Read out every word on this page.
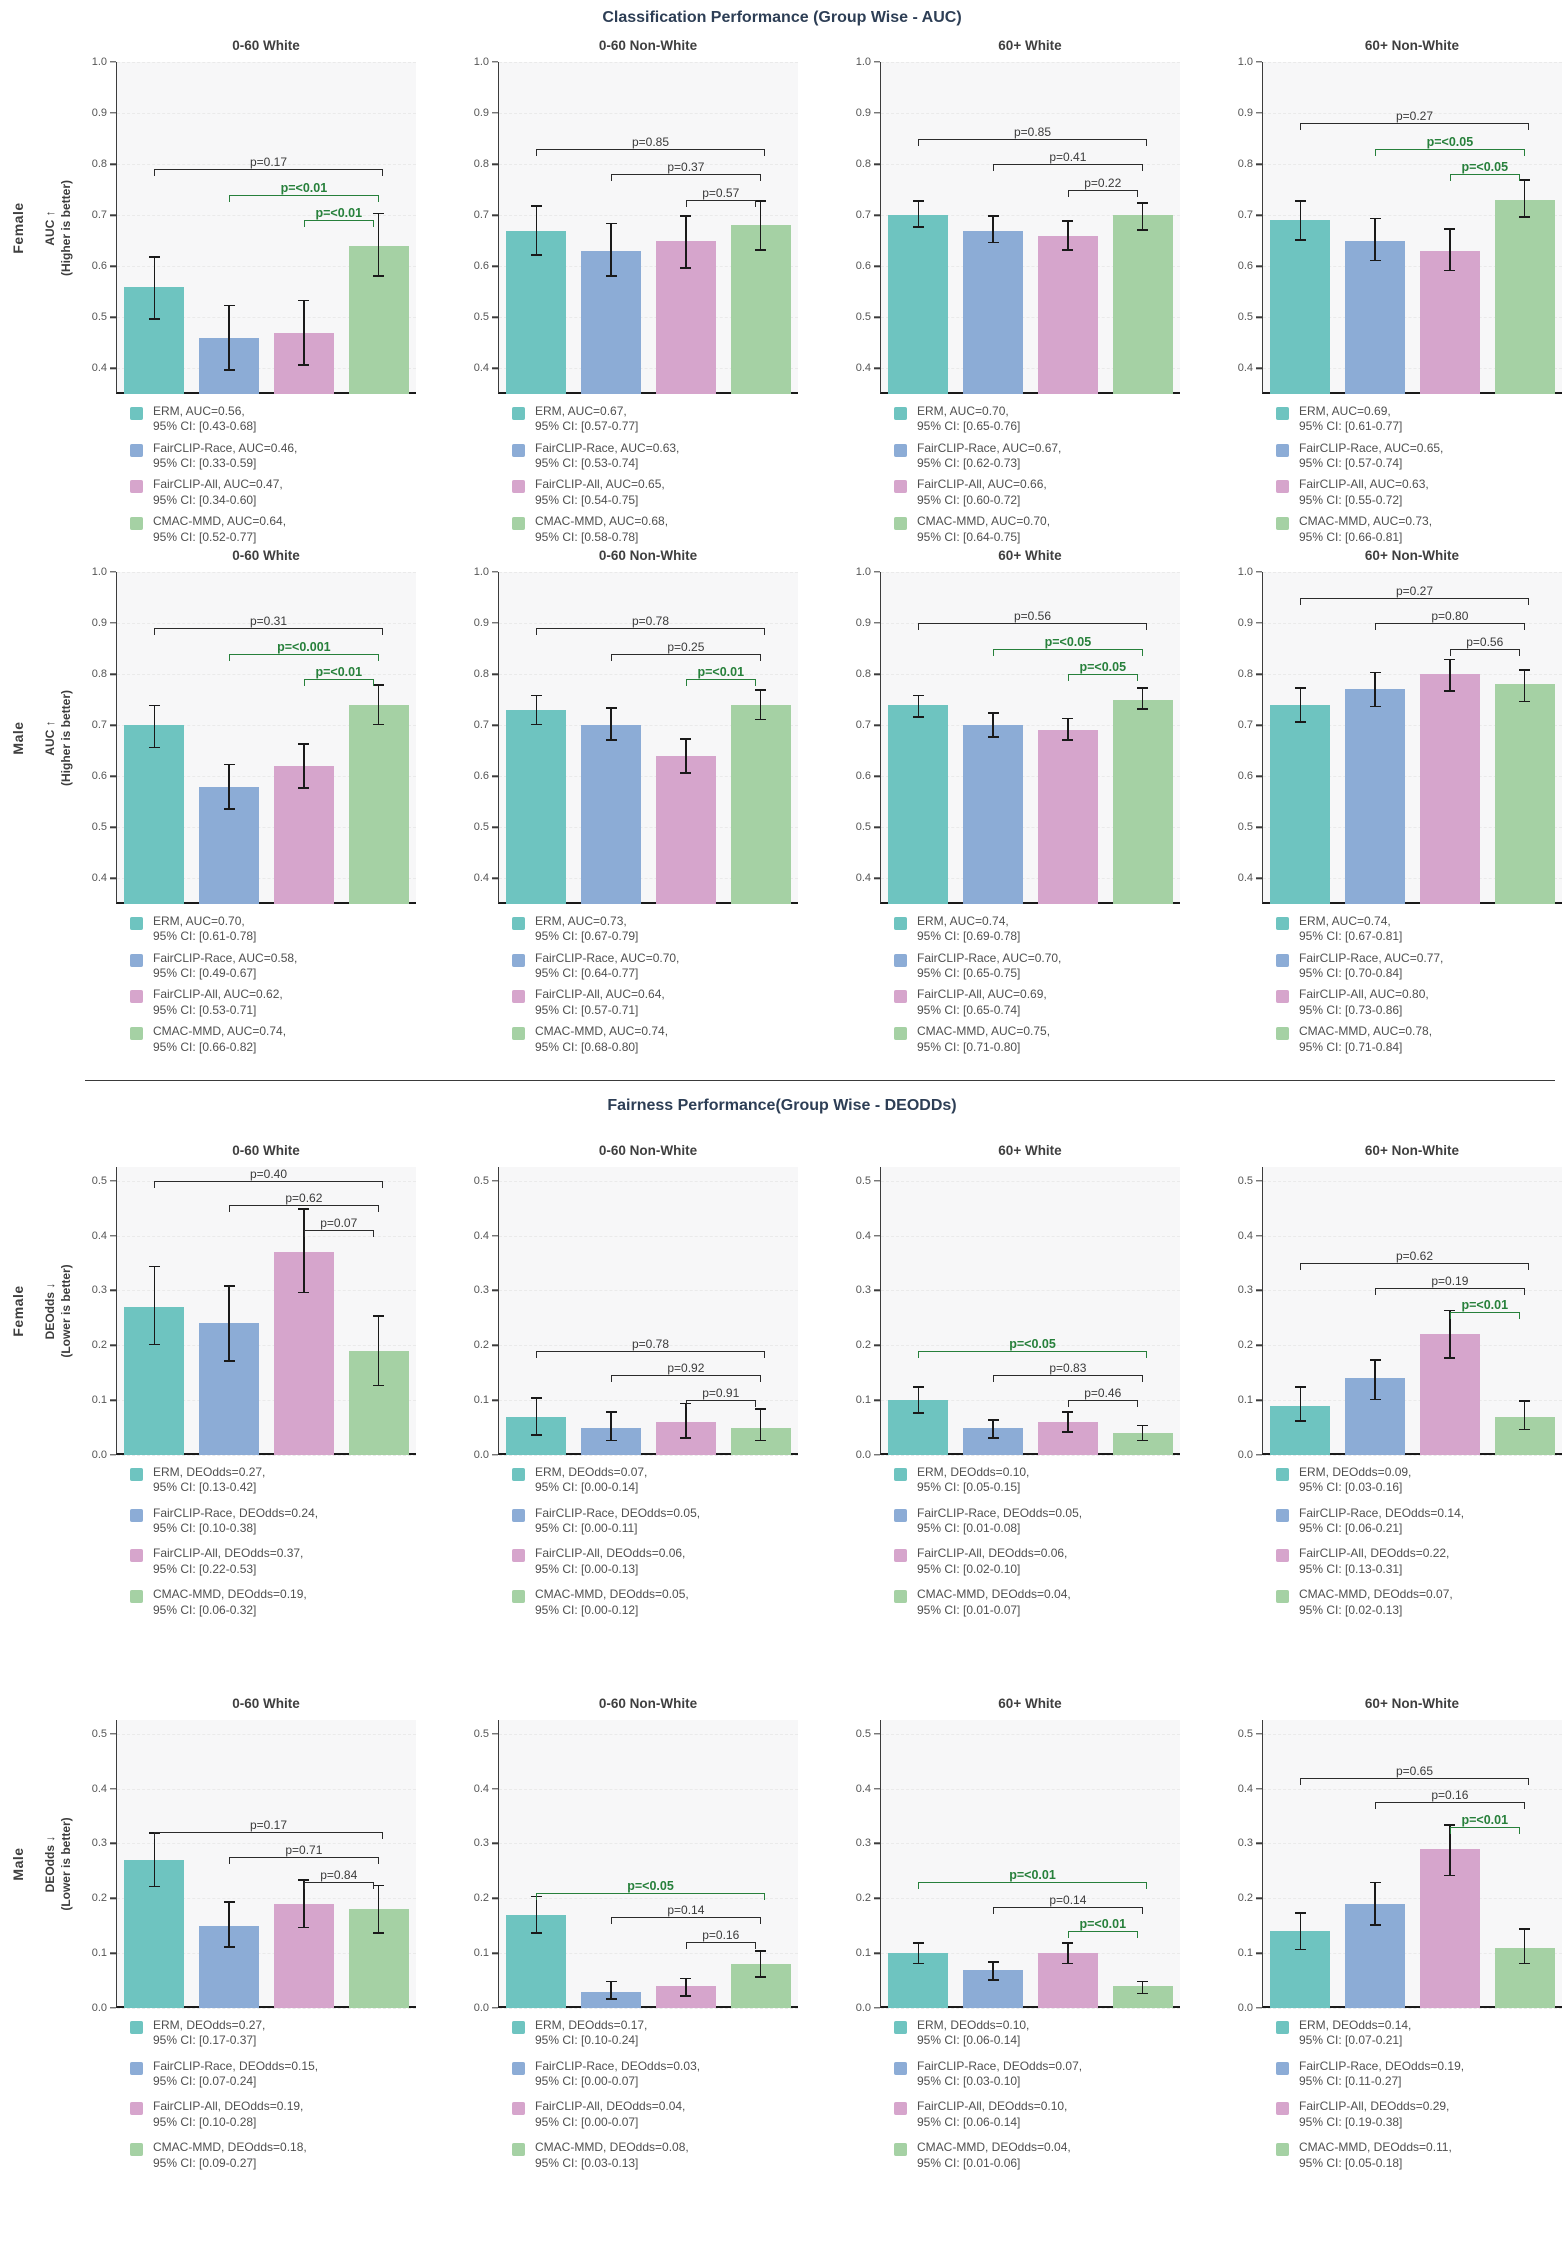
Classification Performance (Group Wise - AUC)
Female AUC ↑ (Higher is better)
0-60 White
0.4
0.5
0.6
0.7
0.8
0.9
1.0
p=0.17
p=<0.01
p=<0.01
ERM, AUC=0.56,
95% CI: [0.43-0.68]
FairCLIP-Race, AUC=0.46,
95% CI: [0.33-0.59]
FairCLIP-All, AUC=0.47,
95% CI: [0.34-0.60]
CMAC-MMD, AUC=0.64,
95% CI: [0.52-0.77]
0-60 Non-White
0.4
0.5
0.6
0.7
0.8
0.9
1.0
p=0.85
p=0.37
p=0.57
ERM, AUC=0.67,
95% CI: [0.57-0.77]
FairCLIP-Race, AUC=0.63,
95% CI: [0.53-0.74]
FairCLIP-All, AUC=0.65,
95% CI: [0.54-0.75]
CMAC-MMD, AUC=0.68,
95% CI: [0.58-0.78]
60+ White
0.4
0.5
0.6
0.7
0.8
0.9
1.0
p=0.85
p=0.41
p=0.22
ERM, AUC=0.70,
95% CI: [0.65-0.76]
FairCLIP-Race, AUC=0.67,
95% CI: [0.62-0.73]
FairCLIP-All, AUC=0.66,
95% CI: [0.60-0.72]
CMAC-MMD, AUC=0.70,
95% CI: [0.64-0.75]
60+ Non-White
0.4
0.5
0.6
0.7
0.8
0.9
1.0
p=0.27
p=<0.05
p=<0.05
ERM, AUC=0.69,
95% CI: [0.61-0.77]
FairCLIP-Race, AUC=0.65,
95% CI: [0.57-0.74]
FairCLIP-All, AUC=0.63,
95% CI: [0.55-0.72]
CMAC-MMD, AUC=0.73,
95% CI: [0.66-0.81]
Male AUC ↑ (Higher is better)
0-60 White
0.4
0.5
0.6
0.7
0.8
0.9
1.0
p=0.31
p=<0.001
p=<0.01
ERM, AUC=0.70,
95% CI: [0.61-0.78]
FairCLIP-Race, AUC=0.58,
95% CI: [0.49-0.67]
FairCLIP-All, AUC=0.62,
95% CI: [0.53-0.71]
CMAC-MMD, AUC=0.74,
95% CI: [0.66-0.82]
0-60 Non-White
0.4
0.5
0.6
0.7
0.8
0.9
1.0
p=0.78
p=0.25
p=<0.01
ERM, AUC=0.73,
95% CI: [0.67-0.79]
FairCLIP-Race, AUC=0.70,
95% CI: [0.64-0.77]
FairCLIP-All, AUC=0.64,
95% CI: [0.57-0.71]
CMAC-MMD, AUC=0.74,
95% CI: [0.68-0.80]
60+ White
0.4
0.5
0.6
0.7
0.8
0.9
1.0
p=0.56
p=<0.05
p=<0.05
ERM, AUC=0.74,
95% CI: [0.69-0.78]
FairCLIP-Race, AUC=0.70,
95% CI: [0.65-0.75]
FairCLIP-All, AUC=0.69,
95% CI: [0.65-0.74]
CMAC-MMD, AUC=0.75,
95% CI: [0.71-0.80]
60+ Non-White
0.4
0.5
0.6
0.7
0.8
0.9
1.0
p=0.27
p=0.80
p=0.56
ERM, AUC=0.74,
95% CI: [0.67-0.81]
FairCLIP-Race, AUC=0.77,
95% CI: [0.70-0.84]
FairCLIP-All, AUC=0.80,
95% CI: [0.73-0.86]
CMAC-MMD, AUC=0.78,
95% CI: [0.71-0.84]
Fairness Performance(Group Wise - DEODDs)
Female DEOdds ↓ (Lower is better)
0-60 White
0.0
0.1
0.2
0.3
0.4
0.5	p=0.40
p=0.62
p=0.07
ERM, DEOdds=0.27,
95% CI: [0.13-0.42]
FairCLIP-Race, DEOdds=0.24,
95% CI: [0.10-0.38]
FairCLIP-All, DEOdds=0.37,
95% CI: [0.22-0.53]
CMAC-MMD, DEOdds=0.19,
95% CI: [0.06-0.32]
0-60 Non-White
0.0
0.1
0.2
0.3
0.4
0.5
p=0.78
p=0.92
p=0.91
ERM, DEOdds=0.07,
95% CI: [0.00-0.14]
FairCLIP-Race, DEOdds=0.05,
95% CI: [0.00-0.11]
FairCLIP-All, DEOdds=0.06,
95% CI: [0.00-0.13]
CMAC-MMD, DEOdds=0.05,
95% CI: [0.00-0.12]
60+ White
0.0
0.1
0.2
0.3
0.4
0.5
p=<0.05
p=0.83
p=0.46
ERM, DEOdds=0.10,
95% CI: [0.05-0.15]
FairCLIP-Race, DEOdds=0.05,
95% CI: [0.01-0.08]
FairCLIP-All, DEOdds=0.06,
95% CI: [0.02-0.10]
CMAC-MMD, DEOdds=0.04,
95% CI: [0.01-0.07]
60+ Non-White
0.0
0.1
0.2
0.3
0.4
0.5
p=0.62
p=0.19
p=<0.01
ERM, DEOdds=0.09,
95% CI: [0.03-0.16]
FairCLIP-Race, DEOdds=0.14,
95% CI: [0.06-0.21]
FairCLIP-All, DEOdds=0.22,
95% CI: [0.13-0.31]
CMAC-MMD, DEOdds=0.07,
95% CI: [0.02-0.13]
Male DEOdds ↓ (Lower is better)
0-60 White
0.0
0.1
0.2
0.3
0.4
0.5
p=0.17
p=0.71
p=0.84
ERM, DEOdds=0.27,
95% CI: [0.17-0.37]
FairCLIP-Race, DEOdds=0.15,
95% CI: [0.07-0.24]
FairCLIP-All, DEOdds=0.19,
95% CI: [0.10-0.28]
CMAC-MMD, DEOdds=0.18,
95% CI: [0.09-0.27]
0-60 Non-White
0.0
0.1
0.2
0.3
0.4
0.5
p=<0.05
p=0.14
p=0.16
ERM, DEOdds=0.17,
95% CI: [0.10-0.24]
FairCLIP-Race, DEOdds=0.03,
95% CI: [0.00-0.07]
FairCLIP-All, DEOdds=0.04,
95% CI: [0.00-0.07]
CMAC-MMD, DEOdds=0.08,
95% CI: [0.03-0.13]
60+ White
0.0
0.1
0.2
0.3
0.4
0.5
p=<0.01
p=0.14
p=<0.01
ERM, DEOdds=0.10,
95% CI: [0.06-0.14]
FairCLIP-Race, DEOdds=0.07,
95% CI: [0.03-0.10]
FairCLIP-All, DEOdds=0.10,
95% CI: [0.06-0.14]
CMAC-MMD, DEOdds=0.04,
95% CI: [0.01-0.06]
60+ Non-White
0.0
0.1
0.2
0.3
0.4
0.5
p=0.65
p=0.16
p=<0.01
ERM, DEOdds=0.14,
95% CI: [0.07-0.21]
FairCLIP-Race, DEOdds=0.19,
95% CI: [0.11-0.27]
FairCLIP-All, DEOdds=0.29,
95% CI: [0.19-0.38]
CMAC-MMD, DEOdds=0.11,
95% CI: [0.05-0.18]
